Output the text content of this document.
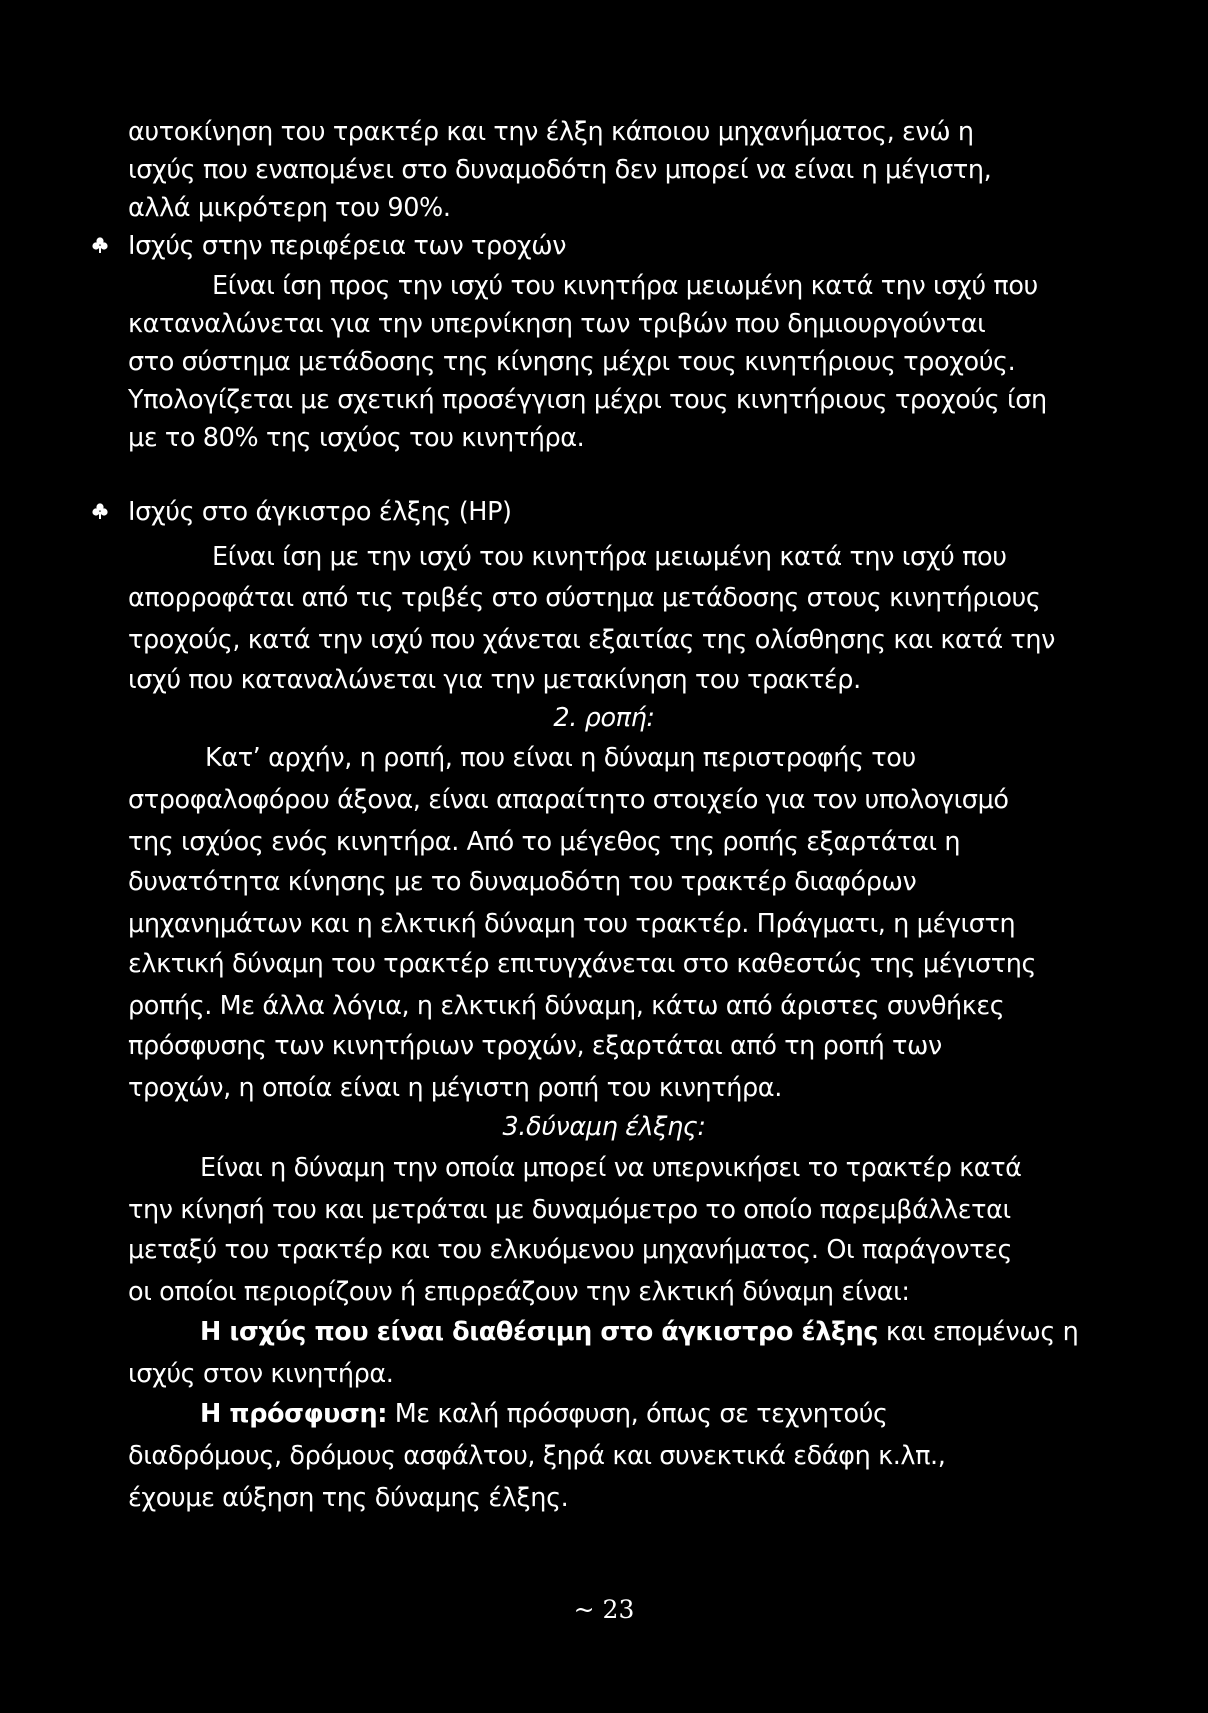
αυτοκίνηση του τρακτέρ και την έλξη κάποιου μηχανήματος, ενώ η

ισχύς που εναπομένει στο δυναμοδότη δεν μπορεί να είναι η μέγιστη,

αλλά μικρότερη του 90%.

Ισχύς στην περιφέρεια των τροχών

Είναι ίση προς την ισχύ του κινητήρα μειωμένη κατά την ισχύ που

καταναλώνεται για την υπερνίκηση των τριβών που δημιουργούνται

στο σύστημα μετάδοσης της κίνησης μέχρι τους κινητήριους τροχούς.

Υπολογίζεται με σχετική προσέγγιση μέχρι τους κινητήριους τροχούς ίση

με το 80% της ισχύος του κινητήρα.

Ισχύς στο άγκιστρο έλξης (HP)

Είναι ίση με την ισχύ του κινητήρα μειωμένη κατά την ισχύ που

απορροφάται από τις τριβές στο σύστημα μετάδοσης στους κινητήριους

τροχούς, κατά την ισχύ που χάνεται εξαιτίας της ολίσθησης και κατά την

ισχύ που καταναλώνεται για την μετακίνηση του τρακτέρ.

2. ροπή:

Κατ’ αρχήν, η ροπή, που είναι η δύναμη περιστροφής του

στροφαλοφόρου άξονα, είναι απαραίτητο στοιχείο για τον υπολογισμό

της ισχύος ενός κινητήρα. Από το μέγεθος της ροπής εξαρτάται η

δυνατότητα κίνησης με το δυναμοδότη του τρακτέρ διαφόρων

μηχανημάτων και η ελκτική δύναμη του τρακτέρ. Πράγματι, η μέγιστη

ελκτική δύναμη του τρακτέρ επιτυγχάνεται στο καθεστώς της μέγιστης

ροπής. Με άλλα λόγια, η ελκτική δύναμη, κάτω από άριστες συνθήκες

πρόσφυσης των κινητήριων τροχών, εξαρτάται από τη ροπή των

τροχών, η οποία είναι η μέγιστη ροπή του κινητήρα.

3.δύναμη έλξης:

Είναι η δύναμη την οποία μπορεί να υπερνικήσει το τρακτέρ κατά

την κίνησή του και μετράται με δυναμόμετρο το οποίο παρεμβάλλεται

μεταξύ του τρακτέρ και του ελκυόμενου μηχανήματος. Οι παράγοντες

οι οποίοι περιορίζουν ή επιρρεάζουν την ελκτική δύναμη είναι:

Η ισχύς που είναι διαθέσιμη στο άγκιστρο έλξης και επομένως η

ισχύς στον κινητήρα.

Η πρόσφυση: Με καλή πρόσφυση, όπως σε τεχνητούς

διαδρόμους, δρόμους ασφάλτου, ξηρά και συνεκτικά εδάφη κ.λπ.,

έχουμε αύξηση της δύναμης έλξης.

~ 23
